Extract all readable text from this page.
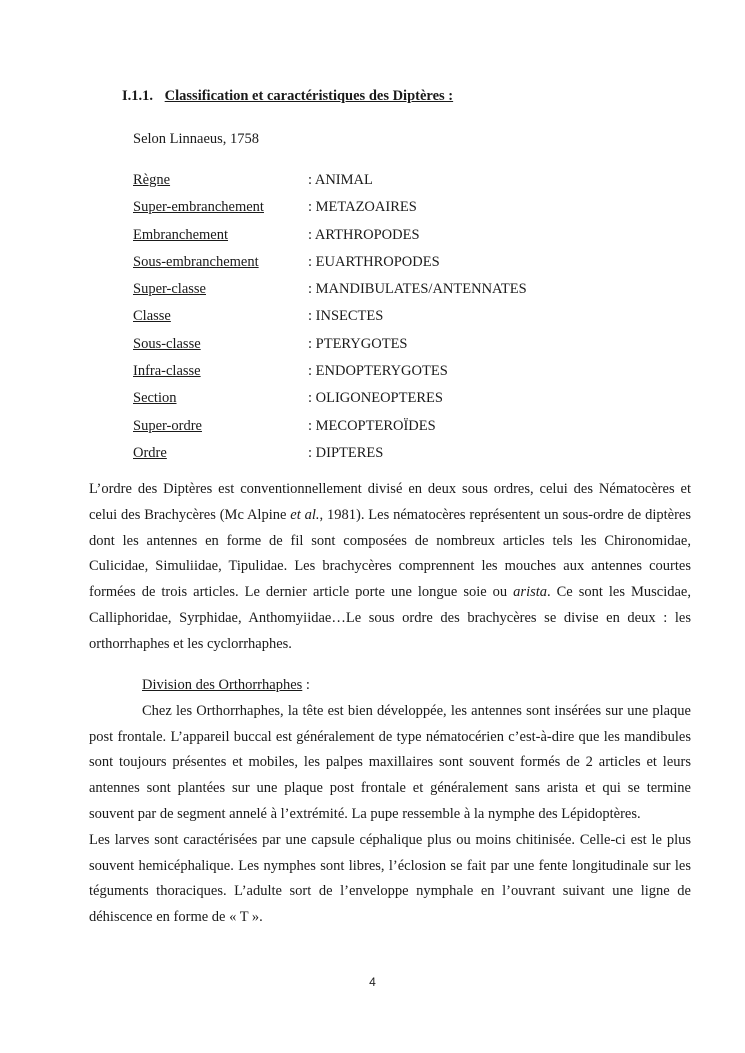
I.1.1. Classification et caractéristiques des Diptères :
Selon Linnaeus, 1758
Règne	: ANIMAL
Super-embranchement	: METAZOAIRES
Embranchement	: ARTHROPODES
Sous-embranchement	: EUARTHROPODES
Super-classe	: MANDIBULATES/ANTENNATES
Classe	: INSECTES
Sous-classe	: PTERYGOTES
Infra-classe	: ENDOPTERYGOTES
Section	: OLIGONEOPTERES
Super-ordre	: MECOPTEROÏDES
Ordre	: DIPTERES

L’ordre des Diptères est conventionnellement divisé en deux sous ordres, celui des Nématocères et celui des Brachycères (Mc Alpine et al., 1981). Les nématocères représentent un sous-ordre de diptères dont les antennes en forme de fil sont composées de nombreux articles tels les Chironomidae, Culicidae, Simuliidae, Tipulidae. Les brachycères comprennent les mouches aux antennes courtes formées de trois articles. Le dernier article porte une longue soie ou arista. Ce sont les Muscidae, Calliphoridae, Syrphidae, Anthomyiidae…Le sous ordre des brachycères se divise en deux : les orthorrhaphes et les cyclorrhaphes.

Division des Orthorrhaphes :

Chez les Orthorrhaphes, la tête est bien développée, les antennes sont insérées sur une plaque post frontale. L’appareil buccal est généralement de type nématocérien c’est-à-dire que les mandibules sont toujours présentes et mobiles, les palpes maxillaires sont souvent formés de 2 articles et leurs antennes sont plantées sur une plaque post frontale et généralement sans arista et qui se termine souvent par de segment annelé à l’extrémité. La pupe ressemble à la nymphe des Lépidoptères.

Les larves sont caractérisées par une capsule céphalique plus ou moins chitinisée. Celle-ci est le plus souvent hemicéphalique. Les nymphes sont libres, l’éclosion se fait par une fente longitudinale sur les téguments thoraciques. L’adulte sort de l’enveloppe nymphale en l’ouvrant suivant une ligne de déhiscence en forme de « T ».

4
